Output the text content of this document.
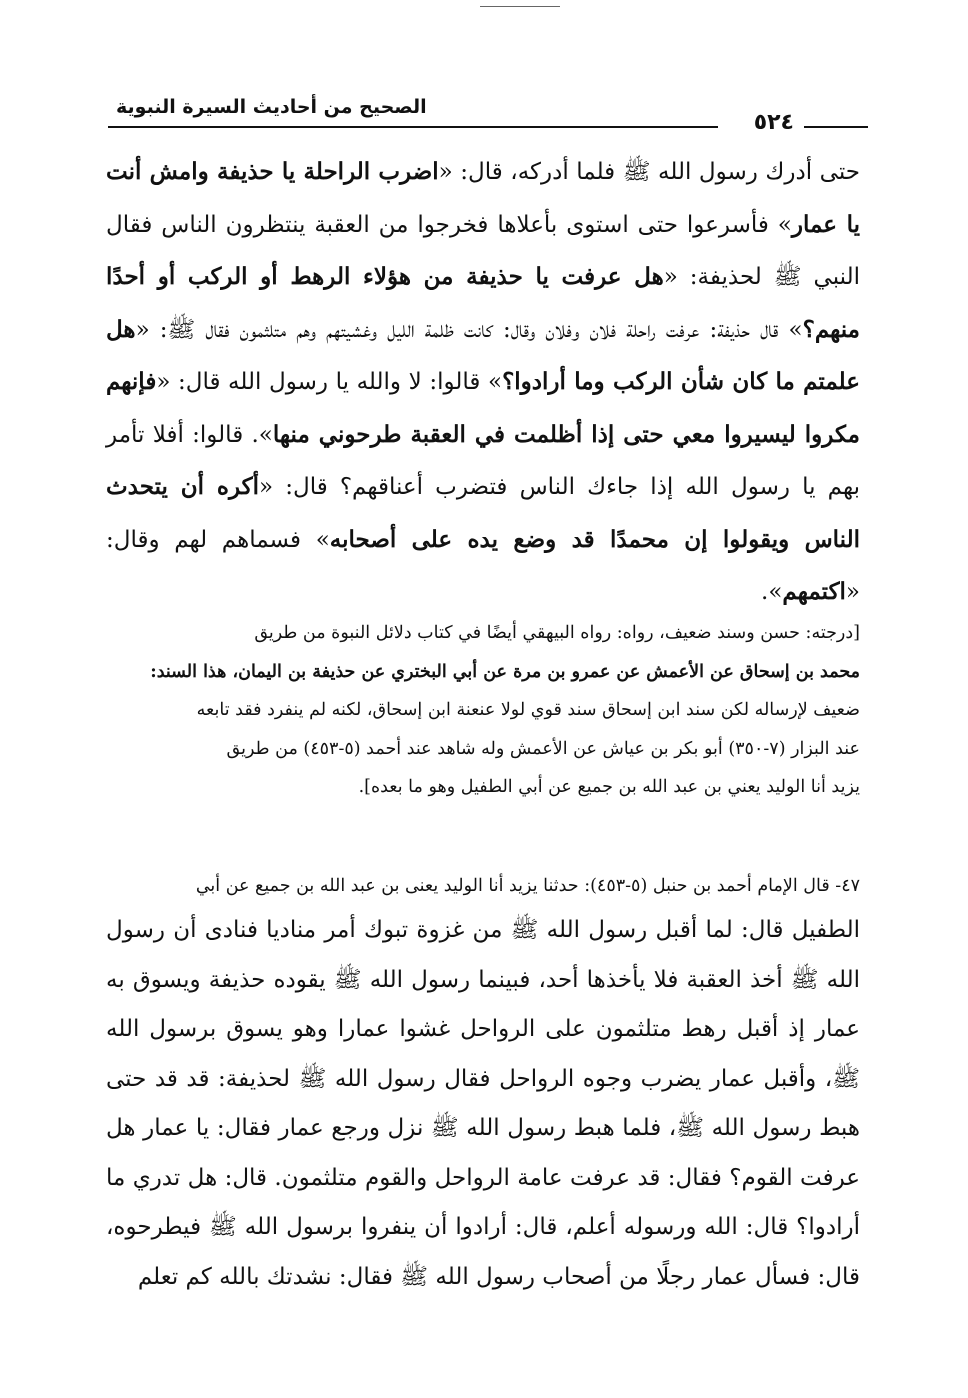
٥٢٤
الصحيح من أحاديث السيرة النبوية

حتى أدرك رسول الله ﷺ فلما أدركه، قال: «اضرب الراحلة يا حذيفة وامش أنت يا عمار» فأسرعوا حتى استوى بأعلاها فخرجوا من العقبة ينتظرون الناس فقال النبي ﷺ لحذيفة: «هل عرفت يا حذيفة من هؤلاء الرهط أو الركب أو أحدًا منهم؟» قال حذيفة: عرفت راحلة فلان وفلان وقال: كانت ظلمة الليل وغشيتهم وهم متلثمون فقال ﷺ: «هل علمتم ما كان شأن الركب وما أرادوا؟» قالوا: لا والله يا رسول الله قال: «فإنهم مكروا ليسيروا معي حتى إذا أظلمت في العقبة طرحوني منها». قالوا: أفلا تأمر بهم يا رسول الله إذا جاءك الناس فتضرب أعناقهم؟ قال: «أكره أن يتحدث الناس ويقولوا إن محمدًا قد وضع يده على أصحابه» فسماهم لهم وقال: «اكتمهم».

[درجته: حسن وسند ضعيف، رواه: رواه البيهقي أيضًا في كتاب دلائل النبوة من طريق

محمد بن إسحاق عن الأعمش عن عمرو بن مرة عن أبي البختري عن حذيفة بن اليمان، هذا السند:

ضعيف لإرساله لكن سند ابن إسحاق سند قوي لولا عنعنة ابن إسحاق، لكنه لم ينفرد فقد تابعه

عند البزار (٧-٣٥٠) أبو بكر بن عياش عن الأعمش وله شاهد عند أحمد (٥-٤٥٣) من طريق

يزيد أنا الوليد يعني بن عبد الله بن جميع عن أبي الطفيل وهو ما بعده].

٤٧- قال الإمام أحمد بن حنبل (٥-٤٥٣): حدثنا يزيد أنا الوليد يعنى بن عبد الله بن جميع عن أبي

الطفيل قال: لما أقبل رسول الله ﷺ من غزوة تبوك أمر مناديا فنادى أن رسول الله ﷺ أخذ العقبة فلا يأخذها أحد، فبينما رسول الله ﷺ يقوده حذيفة ويسوق به عمار إذ أقبل رهط متلثمون على الرواحل غشوا عمارا وهو يسوق برسول الله ﷺ، وأقبل عمار يضرب وجوه الرواحل فقال رسول الله ﷺ لحذيفة: قد قد حتى هبط رسول الله ﷺ، فلما هبط رسول الله ﷺ نزل ورجع عمار فقال: يا عمار هل عرفت القوم؟ فقال: قد عرفت عامة الرواحل والقوم متلثمون. قال: هل تدري ما أرادوا؟ قال: الله ورسوله أعلم، قال: أرادوا أن ينفروا برسول الله ﷺ فيطرحوه، قال: فسأل عمار رجلًا من أصحاب رسول الله ﷺ فقال: نشدتك بالله كم تعلم
